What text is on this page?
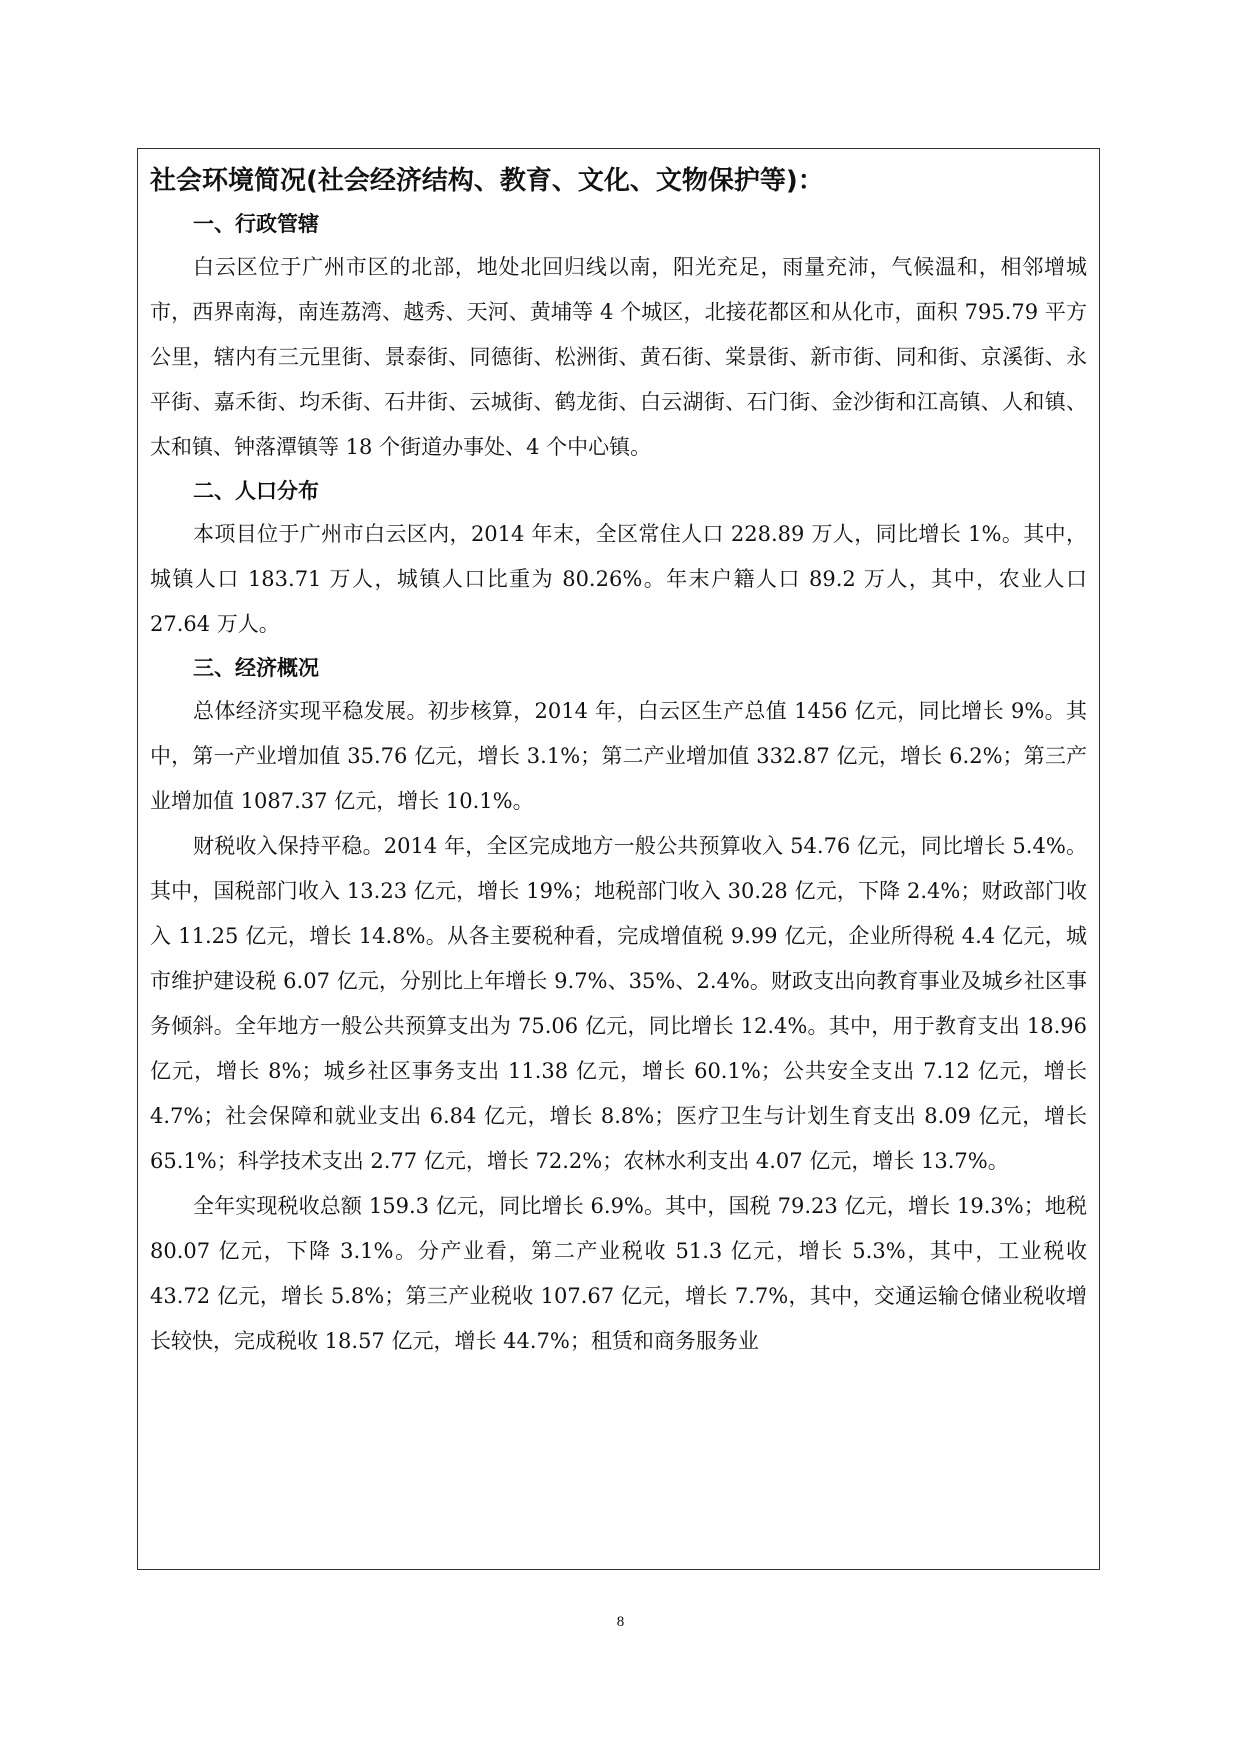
社会环境简况(社会经济结构、教育、文化、文物保护等)：
一、行政管辖

白云区位于广州市区的北部，地处北回归线以南，阳光充足，雨量充沛，气候温和，相邻增城市，西界南海，南连荔湾、越秀、天河、黄埔等 4 个城区，北接花都区和从化市，面积 795.79 平方公里，辖内有三元里街、景泰街、同德街、松洲街、黄石街、棠景街、新市街、同和街、京溪街、永平街、嘉禾街、均禾街、石井街、云城街、鹤龙街、白云湖街、石门街、金沙街和江高镇、人和镇、太和镇、钟落潭镇等 18 个街道办事处、4 个中心镇。

二、人口分布

本项目位于广州市白云区内，2014 年末，全区常住人口 228.89 万人，同比增长 1%。其中，城镇人口 183.71 万人，城镇人口比重为 80.26%。年末户籍人口 89.2 万人，其中，农业人口 27.64 万人。

三、经济概况

总体经济实现平稳发展。初步核算，2014 年，白云区生产总值 1456 亿元，同比增长 9%。其中，第一产业增加值 35.76 亿元，增长 3.1%；第二产业增加值 332.87 亿元，增长 6.2%；第三产业增加值 1087.37 亿元，增长 10.1%。

财税收入保持平稳。2014 年，全区完成地方一般公共预算收入 54.76 亿元，同比增长 5.4%。其中，国税部门收入 13.23 亿元，增长 19%；地税部门收入 30.28 亿元，下降 2.4%；财政部门收入 11.25 亿元，增长 14.8%。从各主要税种看，完成增值税 9.99 亿元，企业所得税 4.4 亿元，城市维护建设税 6.07 亿元，分别比上年增长 9.7%、35%、2.4%。财政支出向教育事业及城乡社区事务倾斜。全年地方一般公共预算支出为 75.06 亿元，同比增长 12.4%。其中，用于教育支出 18.96 亿元，增长 8%；城乡社区事务支出 11.38 亿元，增长 60.1%；公共安全支出 7.12 亿元，增长 4.7%；社会保障和就业支出 6.84 亿元，增长 8.8%；医疗卫生与计划生育支出 8.09 亿元，增长 65.1%；科学技术支出 2.77 亿元，增长 72.2%；农林水利支出 4.07 亿元，增长 13.7%。

全年实现税收总额 159.3 亿元，同比增长 6.9%。其中，国税 79.23 亿元，增长 19.3%；地税 80.07 亿元，下降 3.1%。分产业看，第二产业税收 51.3 亿元，增长 5.3%，其中，工业税收 43.72 亿元，增长 5.8%；第三产业税收 107.67 亿元，增长 7.7%，其中，交通运输仓储业税收增长较快，完成税收 18.57 亿元，增长 44.7%；租赁和商务服务业

8
